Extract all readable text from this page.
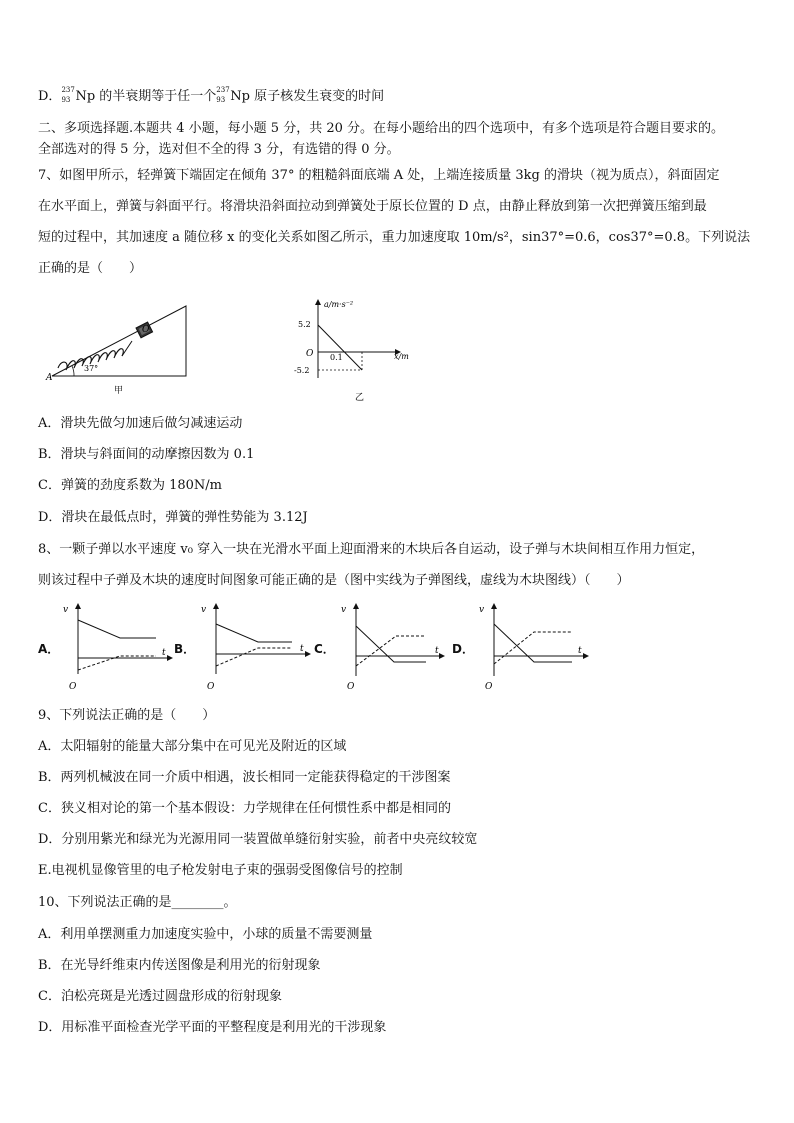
D． 237
93 Np 的半衰期等于任一个 237
93 Np 原子核发生衰变的时间
二、多项选择题.本题共 4 小题，每小题 5 分，共 20 分。在每小题给出的四个选项中，有多个选项是符合题目要求的。
全部选对的得 5 分，选对但不全的得 3 分，有选错的得 0 分。
7、如图甲所示，轻弹簧下端固定在倾角 37° 的粗糙斜面底端 A 处，上端连接质量 3kg 的滑块（视为质点），斜面固定
在水平面上，弹簧与斜面平行。将滑块沿斜面拉动到弹簧处于原长位置的 D 点，由静止释放到第一次把弹簧压缩到最
短的过程中，其加速度 a 随位移 x 的变化关系如图乙所示，重力加速度取 10m/s²，sin37°=0.6，cos37°=0.8。下列说法
正确的是（　　）
37°
O
A
甲
a/m·s⁻²
x/m
5.2
-5.2
O 0.1
乙
A．滑块先做匀加速后做匀减速运动
B．滑块与斜面间的动摩擦因数为 0.1
C．弹簧的劲度系数为 180N/m
D．滑块在最低点时，弹簧的弹性势能为 3.12J
8、一颗子弹以水平速度 v₀ 穿入一块在光滑水平面上迎面滑来的木块后各自运动，设子弹与木块间相互作用力恒定，
则该过程中子弹及木块的速度时间图象可能正确的是（图中实线为子弹图线，虚线为木块图线）（　　）
A．	B．	C．	D．
v
t
O
v
t
O
v
t
O
v
t
O
9、下列说法正确的是（　　）
A．太阳辐射的能量大部分集中在可见光及附近的区域
B．两列机械波在同一介质中相遇，波长相同一定能获得稳定的干涉图案
C．狭义相对论的第一个基本假设：力学规律在任何惯性系中都是相同的
D．分别用紫光和绿光为光源用同一装置做单缝衍射实验，前者中央亮纹较宽
E.电视机显像管里的电子枪发射电子束的强弱受图像信号的控制
10、下列说法正确的是________。
A．利用单摆测重力加速度实验中，小球的质量不需要测量
B．在光导纤维束内传送图像是利用光的衍射现象
C．泊松亮斑是光透过圆盘形成的衍射现象
D．用标准平面检查光学平面的平整程度是利用光的干涉现象
